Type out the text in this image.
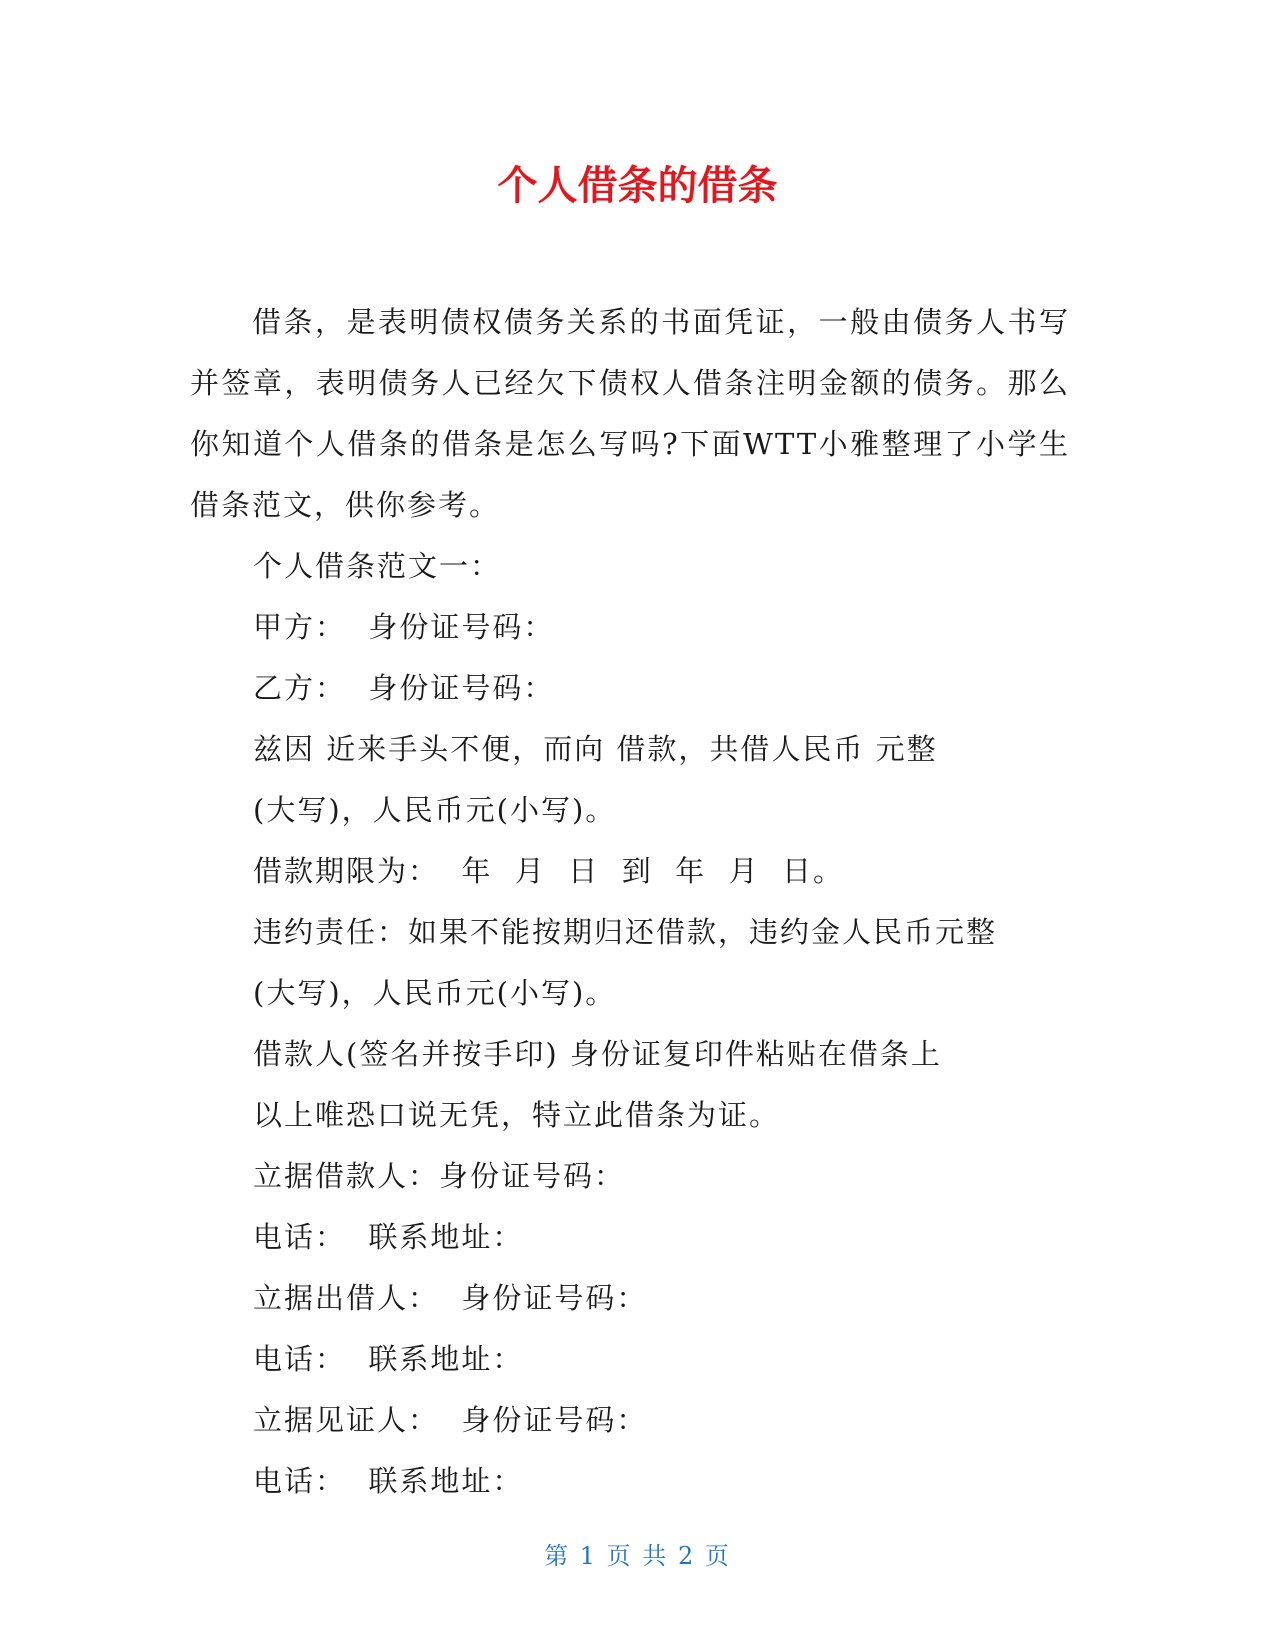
个人借条的借条

借条，是表明债权债务关系的书面凭证，一般由债务人书写并签章，表明债务人已经欠下债权人借条注明金额的债务。那么你知道个人借条的借条是怎么写吗?下面WTT小雅整理了小学生借条范文，供你参考。

个人借条范文一：
甲方：  身份证号码：
乙方：  身份证号码：
兹因 近来手头不便，而向 借款，共借人民币 元整
(大写)，人民币元(小写)。
借款期限为：  年  月  日  到  年  月  日。
违约责任：如果不能按期归还借款，违约金人民币元整
(大写)，人民币元(小写)。
借款人(签名并按手印) 身份证复印件粘贴在借条上
以上唯恐口说无凭，特立此借条为证。
立据借款人：身份证号码：
电话：  联系地址：
立据出借人：  身份证号码：
电话：  联系地址：
立据见证人：  身份证号码：
电话：  联系地址：
第 1 页 共 2 页
